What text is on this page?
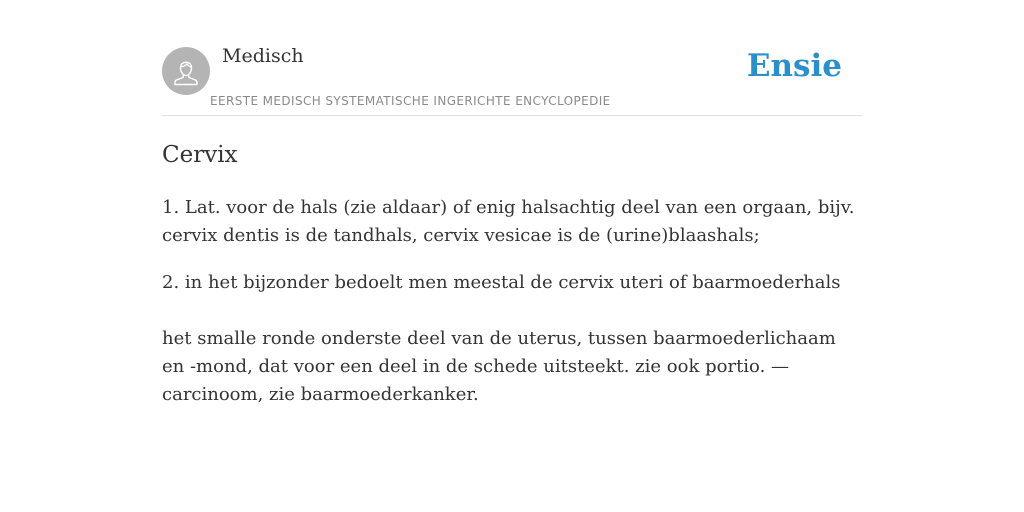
Medisch
EERSTE MEDISCH SYSTEMATISCHE INGERICHTE ENCYCLOPEDIE
Ensie
Cervix

1. Lat. voor de hals (zie aldaar) of enig halsachtig deel van een orgaan, bijv. cervix dentis is de tandhals, cervix vesicae is de (urine)blaashals;

2. in het bijzonder bedoelt men meestal de cervix uteri of baarmoederhals

het smalle ronde onderste deel van de uterus, tussen baarmoederlichaam en -mond, dat voor een deel in de schede uitsteekt. zie ook portio. —carcinoom, zie baarmoederkanker.
